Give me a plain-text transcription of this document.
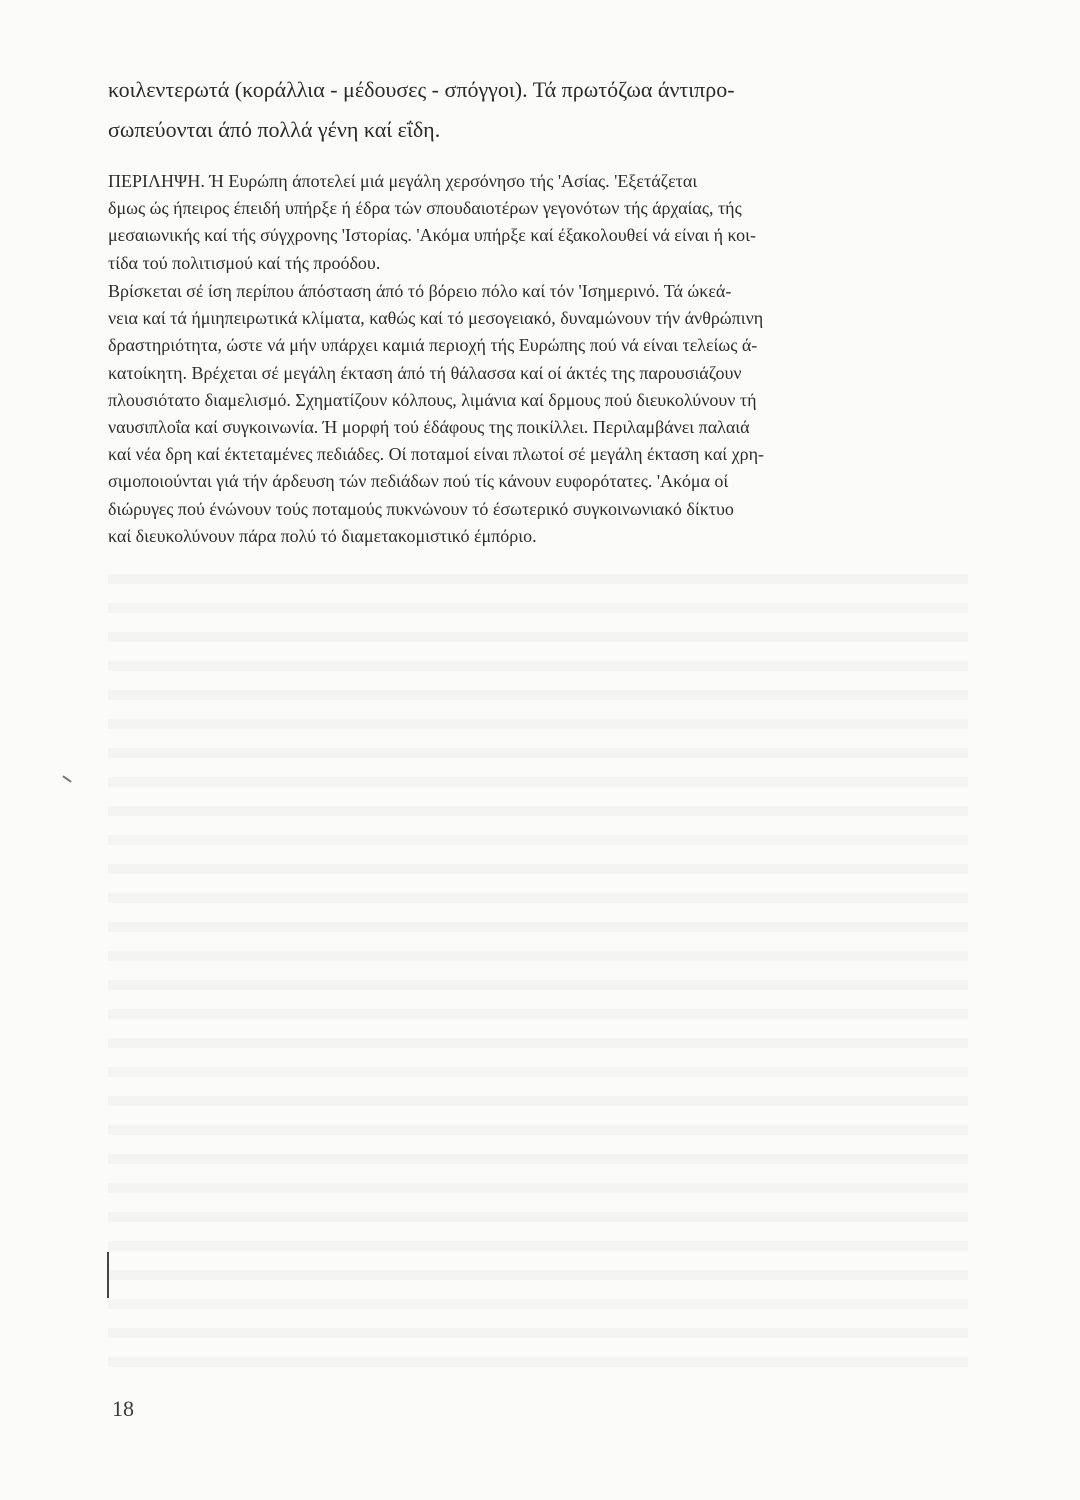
κοιλεντερωτά (κοράλλια - μέδουσες - σπόγγοι). Τά πρωτόζωα άντιπρο-
σωπεύονται άπό πολλά γένη καί εΐδη.
ΠΕΡΙΛΗΨΗ. Ή Ευρώπη άποτελεί μιά μεγάλη χερσόνησο τής 'Ασίας. 'Εξετάζεται
δμως ώς ήπειρος έπειδή υπήρξε ή έδρα τών σπουδαιοτέρων γεγονότων τής άρχαίας, τής
μεσαιωνικής καί τής σύγχρονης 'Ιστορίας. 'Ακόμα υπήρξε καί έξακολουθεί νά είναι ή κοι-
τίδα τού πολιτισμού καί τής προόδου.
Βρίσκεται σέ ίση περίπου άπόσταση άπό τό βόρειο πόλο καί τόν 'Ισημερινό. Τά ώκεά-
νεια καί τά ήμιηπειρωτικά κλίματα, καθώς καί τό μεσογειακό, δυναμώνουν τήν άνθρώπινη
δραστηριότητα, ώστε νά μήν υπάρχει καμιά περιοχή τής Ευρώπης πού νά είναι τελείως ά-
κατοίκητη. Βρέχεται σέ μεγάλη έκταση άπό τή θάλασσα καί οί άκτές της παρουσιάζουν
πλουσιότατο διαμελισμό. Σχηματίζουν κόλπους, λιμάνια καί δρμους πού διευκολύνουν τή
ναυσιπλοΐα καί συγκοινωνία. Ή μορφή τού έδάφους της ποικίλλει. Περιλαμβάνει παλαιά
καί νέα δρη καί έκτεταμένες πεδιάδες. Οί ποταμοί είναι πλωτοί σέ μεγάλη έκταση καί χρη-
σιμοποιούνται γιά τήν άρδευση τών πεδιάδων πού τίς κάνουν ευφορότατες. 'Ακόμα οί
διώρυγες πού ένώνουν τούς ποταμούς πυκνώνουν τό έσωτερικό συγκοινωνιακό δίκτυο
καί διευκολύνουν πάρα πολύ τό διαμετακομιστικό έμπόριο.
18
